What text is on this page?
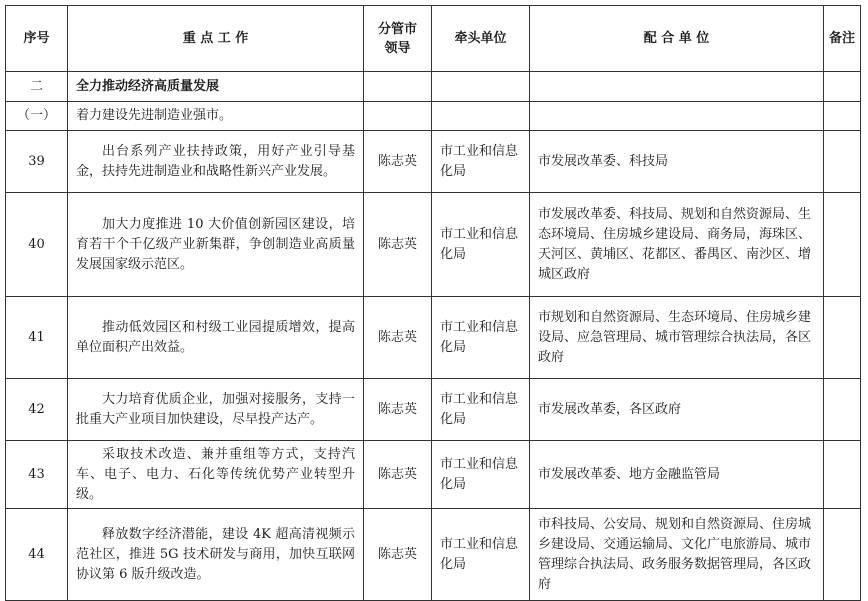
序号	重 点 工 作	分管市领导	牵头单位	配 合 单 位	备注
二	全力推动经济高质量发展				
（一）	着力建设先进制造业强市。				
39	出台系列产业扶持政策，用好产业引导基金，扶持先进制造业和战略性新兴产业发展。	陈志英	市工业和信息化局	市发展改革委、科技局	
40	加大力度推进 10 大价值创新园区建设，培育若干个千亿级产业新集群，争创制造业高质量发展国家级示范区。	陈志英	市工业和信息化局	市发展改革委、科技局、规划和自然资源局、生态环境局、住房城乡建设局、商务局，海珠区、天河区、黄埔区、花都区、番禺区、南沙区、增城区政府	
41	推动低效园区和村级工业园提质增效，提高单位面积产出效益。	陈志英	市工业和信息化局	市规划和自然资源局、生态环境局、住房城乡建设局、应急管理局、城市管理综合执法局，各区政府	
42	大力培育优质企业，加强对接服务，支持一批重大产业项目加快建设，尽早投产达产。	陈志英	市工业和信息化局	市发展改革委，各区政府	
43	采取技术改造、兼并重组等方式，支持汽车、电子、电力、石化等传统优势产业转型升级。	陈志英	市工业和信息化局	市发展改革委、地方金融监管局	
44	释放数字经济潜能，建设 4K 超高清视频示范社区，推进 5G 技术研发与商用，加快互联网协议第 6 版升级改造。	陈志英	市工业和信息化局	市科技局、公安局、规划和自然资源局、住房城乡建设局、交通运输局、文化广电旅游局、城市管理综合执法局、政务服务数据管理局，各区政府	
